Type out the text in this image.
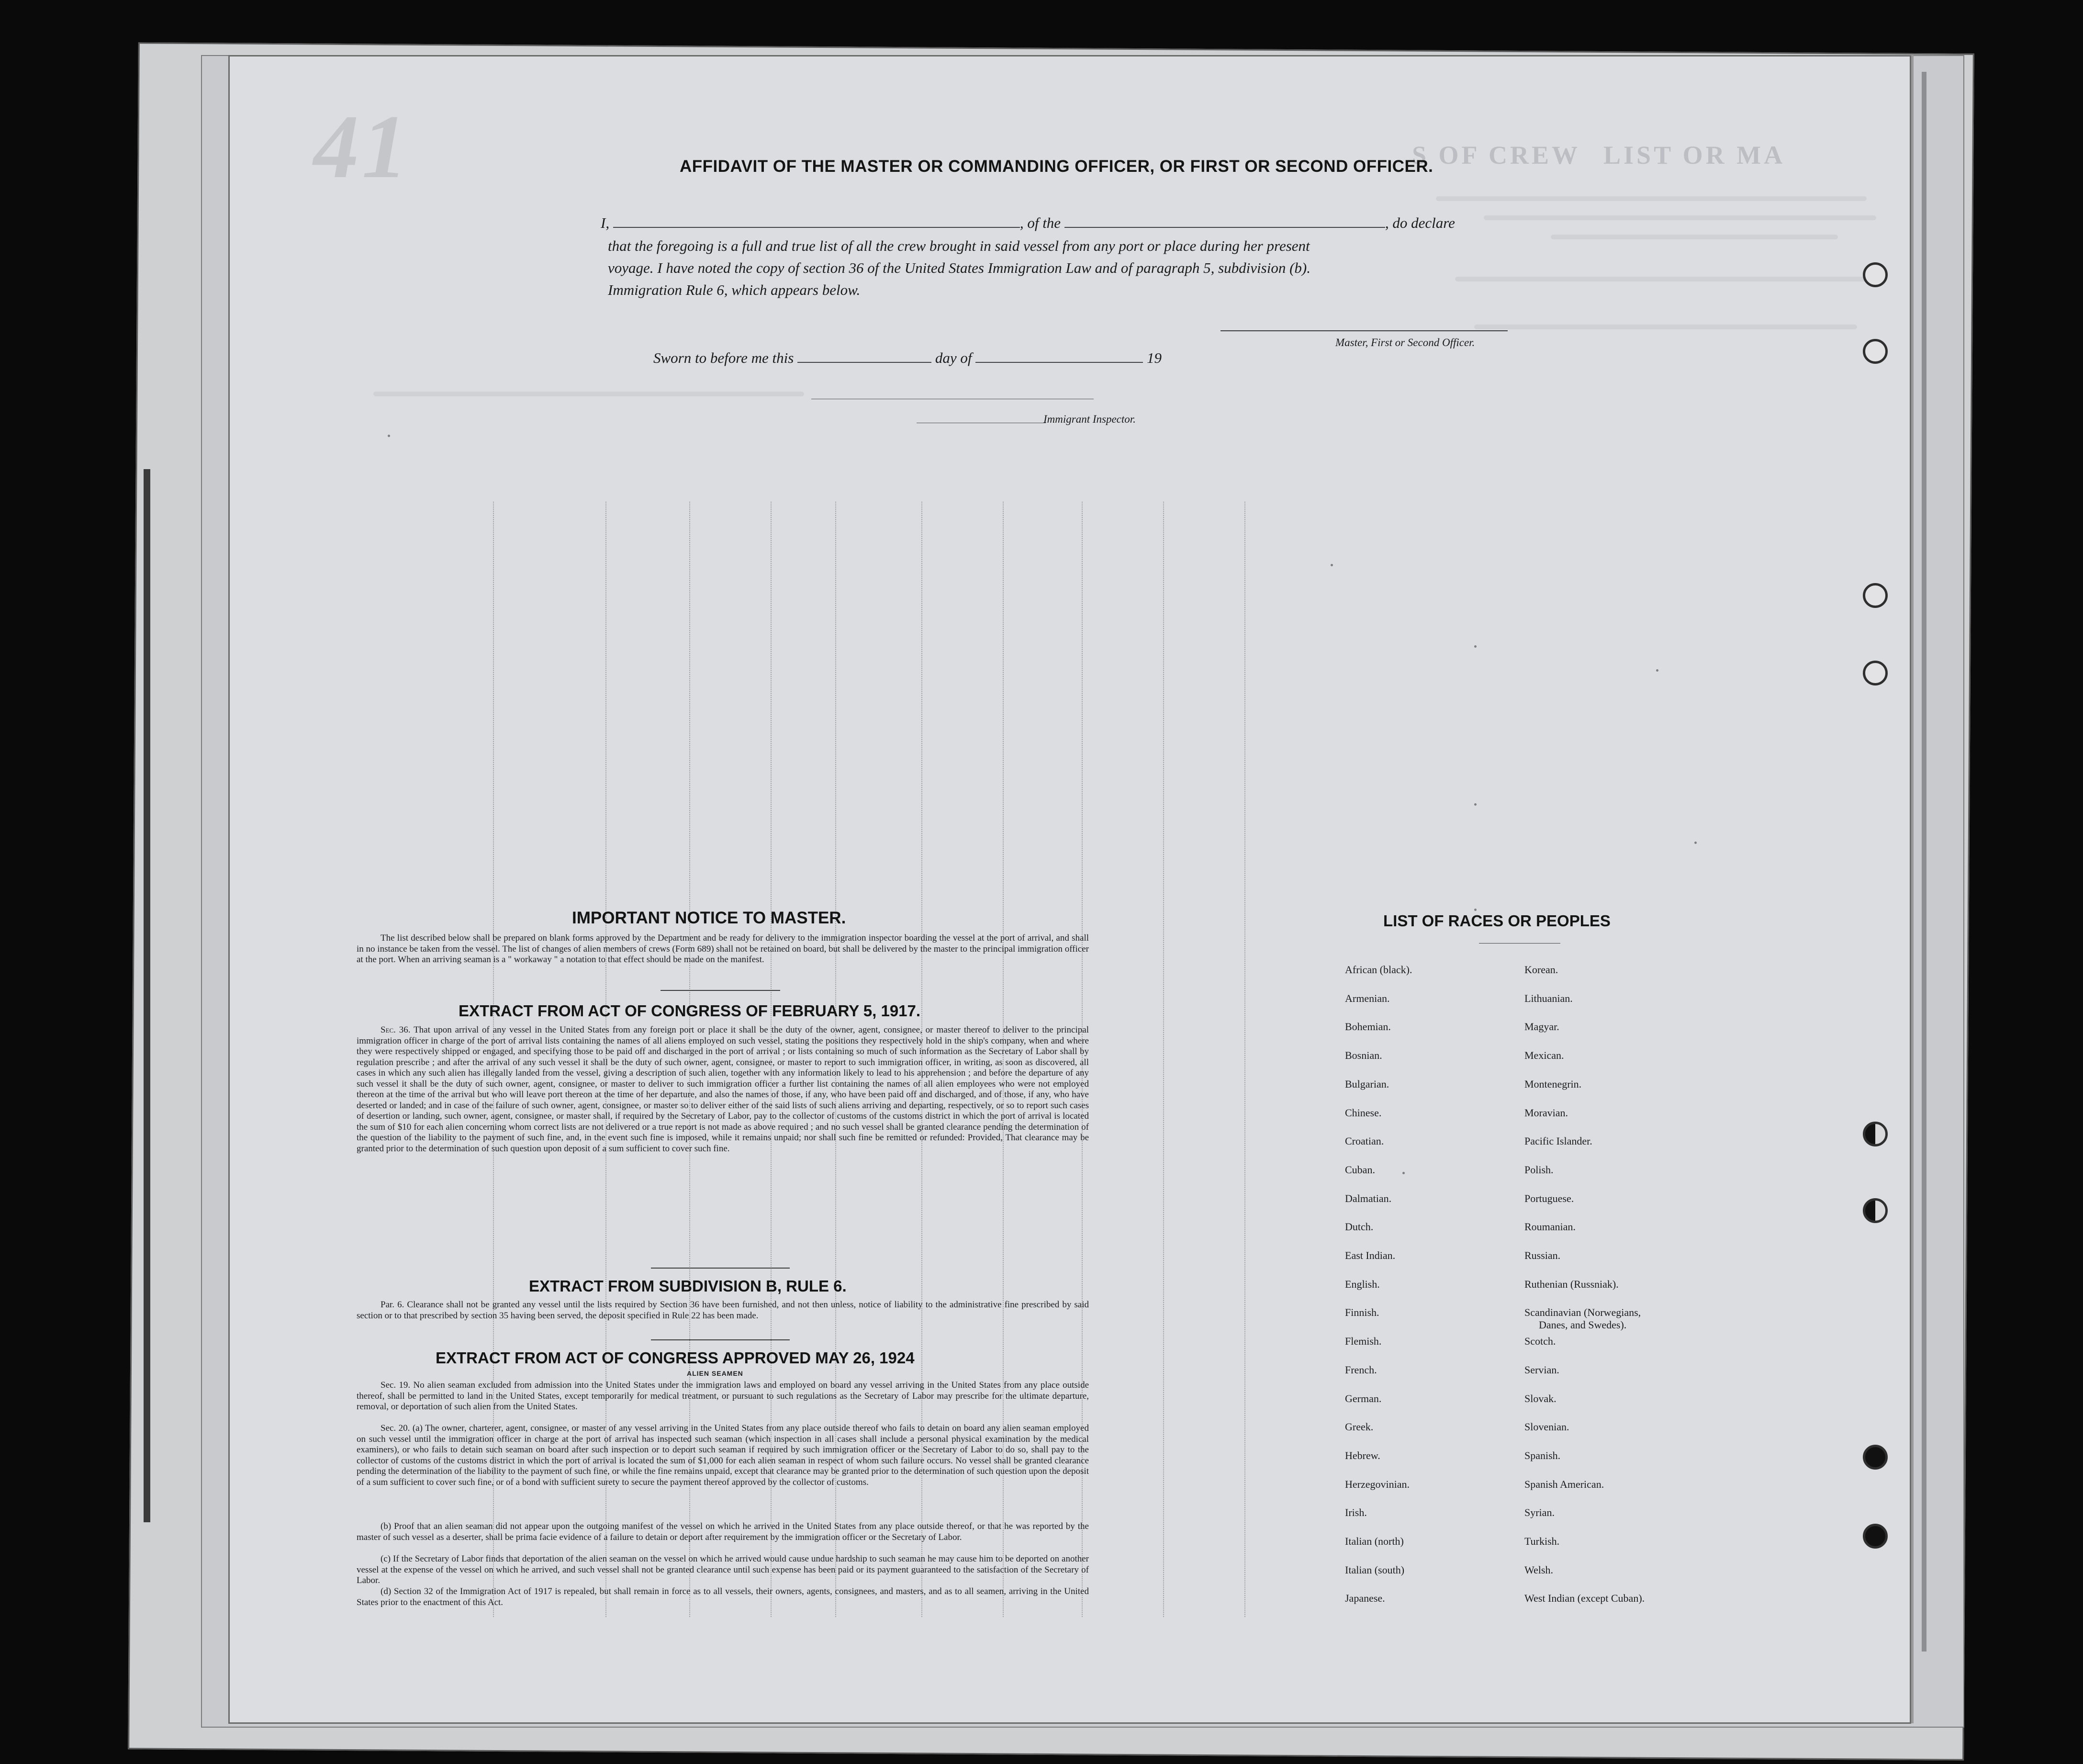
LIST OR MA
S OF CREW
41	AFFIDAVIT OF THE MASTER OR COMMANDING OFFICER, OR FIRST OR SECOND OFFICER.
I,	, of the	, do declare
that the foregoing is a full and true list of all the crew brought in said vessel from any port or place during her present
voyage. I have noted the copy of section 36 of the United States Immigration Law and of paragraph 5, subdivision (b).
Immigration Rule 6, which appears below.
Master, First or Second Officer.
Sworn to before me this	day of	19
Immigrant Inspector.
IMPORTANT NOTICE TO MASTER.
The list described below shall be prepared on blank forms approved by the Department and be ready for delivery to the immigration inspector boarding the vessel at the port of arrival, and shall in no instance be taken from the vessel. The list of changes of alien members of crews (Form 689) shall not be retained on board, but shall be delivered by the master to the principal immigration officer at the port. When an arriving seaman is a " workaway " a notation to that effect should be made on the manifest.
EXTRACT FROM ACT OF CONGRESS OF FEBRUARY 5, 1917.
Sec. 36. That upon arrival of any vessel in the United States from any foreign port or place it shall be the duty of the owner, agent, consignee, or master thereof to deliver to the principal immigration officer in charge of the port of arrival lists containing the names of all aliens employed on such vessel, stating the positions they respectively hold in the ship's company, when and where they were respectively shipped or engaged, and specifying those to be paid off and discharged in the port of arrival ; or lists containing so much of such information as the Secretary of Labor shall by regulation prescribe ; and after the arrival of any such vessel it shall be the duty of such owner, agent, consignee, or master to report to such immigration officer, in writing, as soon as discovered, all cases in which any such alien has illegally landed from the vessel, giving a description of such alien, together with any information likely to lead to his apprehension ; and before the departure of any such vessel it shall be the duty of such owner, agent, consignee, or master to deliver to such immigration officer a further list containing the names of all alien employees who were not employed thereon at the time of the arrival but who will leave port thereon at the time of her departure, and also the names of those, if any, who have been paid off and discharged, and of those, if any, who have deserted or landed; and in case of the failure of such owner, agent, consignee, or master so to deliver either of the said lists of such aliens arriving and departing, respectively, or so to report such cases of desertion or landing, such owner, agent, consignee, or master shall, if required by the Secretary of Labor, pay to the collector of customs of the customs district in which the port of arrival is located the sum of $10 for each alien concerning whom correct lists are not delivered or a true report is not made as above required ; and no such vessel shall be granted clearance pending the determination of the question of the liability to the payment of such fine, and, in the event such fine is imposed, while it remains unpaid; nor shall such fine be remitted or refunded: Provided, That clearance may be granted prior to the determination of such question upon deposit of a sum sufficient to cover such fine.
EXTRACT FROM SUBDIVISION B, RULE 6.
Par. 6. Clearance shall not be granted any vessel until the lists required by Section 36 have been furnished, and not then unless, notice of liability to the administrative fine prescribed by said section or to that prescribed by section 35 having been served, the deposit specified in Rule 22 has been made.
EXTRACT FROM ACT OF CONGRESS APPROVED MAY 26, 1924
ALIEN SEAMEN
Sec. 19. No alien seaman excluded from admission into the United States under the immigration laws and employed on board any vessel arriving in the United States from any place outside thereof, shall be permitted to land in the United States, except temporarily for medical treatment, or pursuant to such regulations as the Secretary of Labor may prescribe for the ultimate departure, removal, or deportation of such alien from the United States.
Sec. 20. (a) The owner, charterer, agent, consignee, or master of any vessel arriving in the United States from any place outside thereof who fails to detain on board any alien seaman employed on such vessel until the immigration officer in charge at the port of arrival has inspected such seaman (which inspection in all cases shall include a personal physical examination by the medical examiners), or who fails to detain such seaman on board after such inspection or to deport such seaman if required by such immigration officer or the Secretary of Labor to do so, shall pay to the collector of customs of the customs district in which the port of arrival is located the sum of $1,000 for each alien seaman in respect of whom such failure occurs. No vessel shall be granted clearance pending the determination of the liability to the payment of such fine, or while the fine remains unpaid, except that clearance may be granted prior to the determination of such question upon the deposit of a sum sufficient to cover such fine, or of a bond with sufficient surety to secure the payment thereof approved by the collector of customs.
(b) Proof that an alien seaman did not appear upon the outgoing manifest of the vessel on which he arrived in the United States from any place outside thereof, or that he was reported by the master of such vessel as a deserter, shall be prima facie evidence of a failure to detain or deport after requirement by the immigration officer or the Secretary of Labor.
(c) If the Secretary of Labor finds that deportation of the alien seaman on the vessel on which he arrived would cause undue hardship to such seaman he may cause him to be deported on another vessel at the expense of the vessel on which he arrived, and such vessel shall not be granted clearance until such expense has been paid or its payment guaranteed to the satisfaction of the Secretary of Labor.
(d) Section 32 of the Immigration Act of 1917 is repealed, but shall remain in force as to all vessels, their owners, agents, consignees, and masters, and as to all seamen, arriving in the United States prior to the enactment of this Act.
LIST OF RACES OR PEOPLES
African (black).
Armenian.
Bohemian.
Bosnian.
Bulgarian.
Chinese.
Croatian.
Cuban.
Dalmatian.
Dutch.
East Indian.
English.
Finnish.
Flemish.
French.
German.
Greek.
Hebrew.
Herzegovinian.
Irish.
Italian (north)
Italian (south)
Japanese.
Korean.
Lithuanian.
Magyar.
Mexican.
Montenegrin.
Moravian.
Pacific Islander.
Polish.
Portuguese.
Roumanian.
Russian.
Ruthenian (Russniak).
Scandinavian (Norwegians,
Danes, and Swedes).
Scotch.
Servian.
Slovak.
Slovenian.
Spanish.
Spanish American.
Syrian.
Turkish.
Welsh.
West Indian (except Cuban).
